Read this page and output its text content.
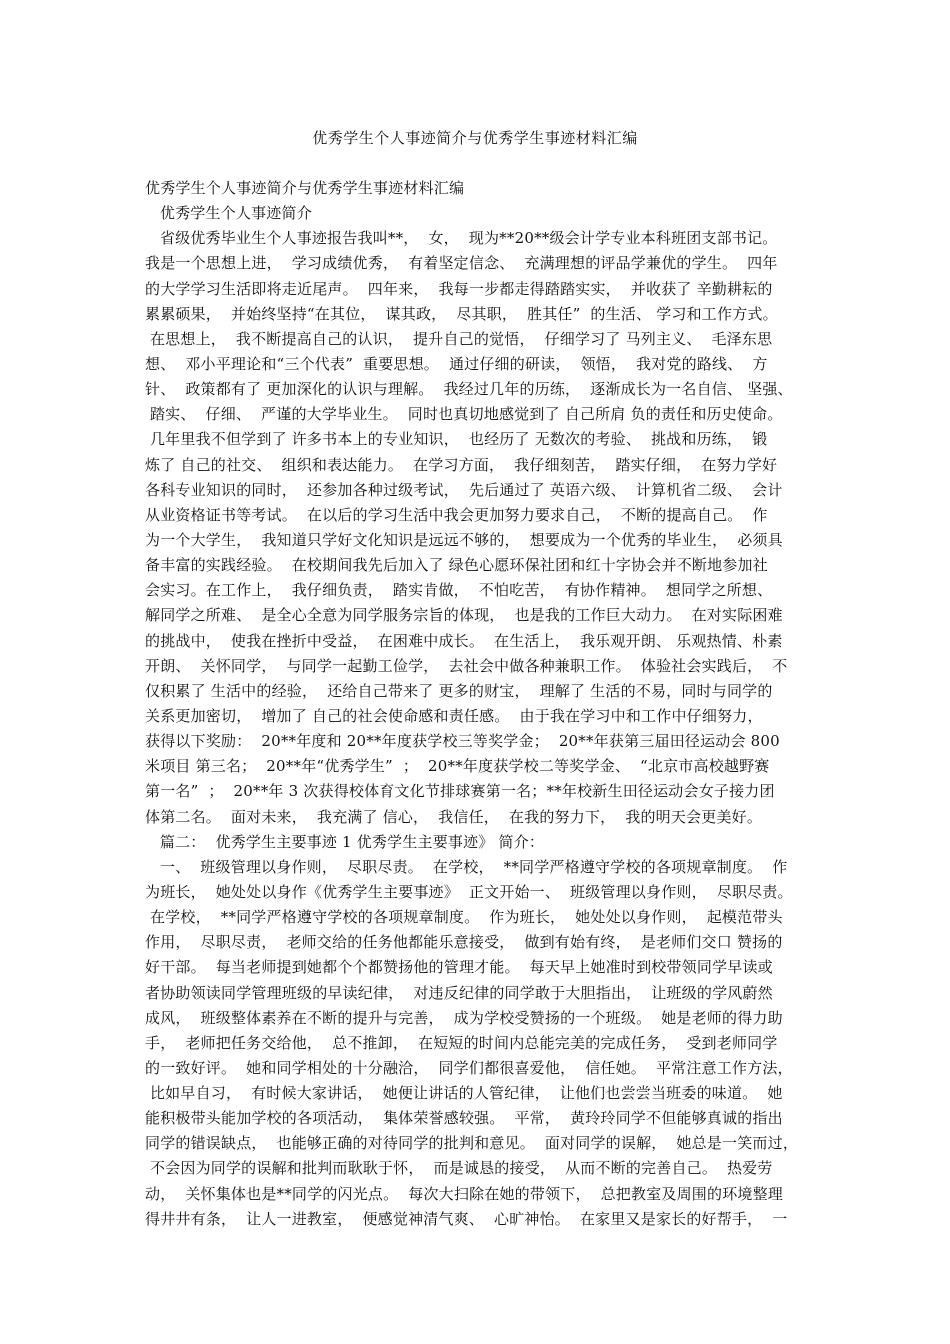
优秀学生个人事迹简介与优秀学生事迹材料汇编
优秀学生个人事迹简介与优秀学生事迹材料汇编
优秀学生个人事迹简介
省级优秀毕业生个人事迹报告我叫**，  女，  现为**20**级会计学专业本科班团支部书记。
我是一个思想上进，  学习成绩优秀，  有着坚定信念、  充满理想的评品学兼优的学生。  四年
的大学学习生活即将走近尾声。  四年来，  我每一步都走得踏踏实实，  并收获了 辛勤耕耘的
累累硕果，  并始终坚持“在其位，  谋其政，  尽其职，  胜其任”  的生活、 学习和工作方式。
在思想上，  我不断提高自己的认识，  提升自己的觉悟，  仔细学习了 马列主义、  毛泽东思
想、  邓小平理论和“三个代表”  重要思想。  通过仔细的研读，  领悟，  我对党的路线、  方
针、  政策都有了 更加深化的认识与理解。  我经过几年的历练，  逐渐成长为一名自信、 坚强、
踏实、  仔细、  严谨的大学毕业生。  同时也真切地感觉到了 自己所肩 负的责任和历史使命。
几年里我不但学到了 许多书本上的专业知识，  也经历了 无数次的考验、  挑战和历练，  锻
炼了 自己的社交、  组织和表达能力。  在学习方面，  我仔细刻苦，  踏实仔细，  在努力学好
各科专业知识的同时，  还参加各种过级考试，  先后通过了 英语六级、  计算机省二级、  会计
从业资格证书等考试。  在以后的学习生活中我会更加努力要求自己，  不断的提高自己。  作
为一个大学生，  我知道只学好文化知识是远远不够的，  想要成为一个优秀的毕业生，  必须具
备丰富的实践经验。  在校期间我先后加入了 绿色心愿环保社团和红十字协会并不断地参加社
会实习。在工作上，  我仔细负责，  踏实肯做，  不怕吃苦，  有协作精神。  想同学之所想、
解同学之所难、  是全心全意为同学服务宗旨的体现，  也是我的工作巨大动力。  在对实际困难
的挑战中，  使我在挫折中受益，  在困难中成长。  在生活上，  我乐观开朗、 乐观热情、朴素
开朗、  关怀同学，  与同学一起勤工俭学，  去社会中做各种兼职工作。  体验社会实践后，  不
仅积累了 生活中的经验，  还给自己带来了 更多的财宝，  理解了 生活的不易，同时与同学的
关系更加密切，  增加了 自己的社会使命感和责任感。  由于我在学习中和工作中仔细努力，
获得以下奖励：  20**年度和 20**年度获学校三等奖学金；  20**年获第三届田径运动会 800
米项目 第三名；  20**年“优秀学生”  ；  20**年度获学校二等奖学金、  “北京市高校越野赛
第一名”  ；  20**年 3 次获得校体育文化节排球赛第一名；**年校新生田径运动会女子接力团
体第二名。  面对未来，  我充满了 信心，  我信任，  在我的努力下，  我的明天会更美好。
篇二：  优秀学生主要事迹 1 优秀学生主要事迹》 简介：
一、  班级管理以身作则，  尽职尽责。  在学校，  **同学严格遵守学校的各项规章制度。  作
为班长，  她处处以身作《优秀学生主要事迹》  正文开始一、  班级管理以身作则，  尽职尽责。
在学校，  **同学严格遵守学校的各项规章制度。  作为班长，  她处处以身作则，  起模范带头
作用，  尽职尽责，  老师交给的任务他都能乐意接受，  做到有始有终，  是老师们交口 赞扬的
好干部。  每当老师提到她都个个都赞扬他的管理才能。  每天早上她准时到校带领同学早读或
者协助领读同学管理班级的早读纪律，  对违反纪律的同学敢于大胆指出，  让班级的学风蔚然
成风，  班级整体素养在不断的提升与完善，  成为学校受赞扬的一个班级。  她是老师的得力助
手，  老师把任务交给他，  总不推卸，  在短短的时间内总能完美的完成任务，  受到老师同学
的一致好评。  她和同学相处的十分融洽，  同学们都很喜爱他，  信任她。  平常注意工作方法，
比如早自习，  有时候大家讲话，  她便让讲话的人管纪律，  让他们也尝尝当班委的味道。  她
能积极带头能加学校的各项活动，  集体荣誉感较强。  平常，  黄玲玲同学不但能够真诚的指出
同学的错误缺点，  也能够正确的对待同学的批判和意见。  面对同学的误解，  她总是一笑而过，
不会因为同学的误解和批判而耿耿于怀，  而是诚恳的接受，  从而不断的完善自己。  热爱劳
动，  关怀集体也是**同学的闪光点。  每次大扫除在她的带领下，  总把教室及周围的环境整理
得井井有条，  让人一进教室，  便感觉神清气爽、  心旷神怡。  在家里又是家长的好帮手，  一
